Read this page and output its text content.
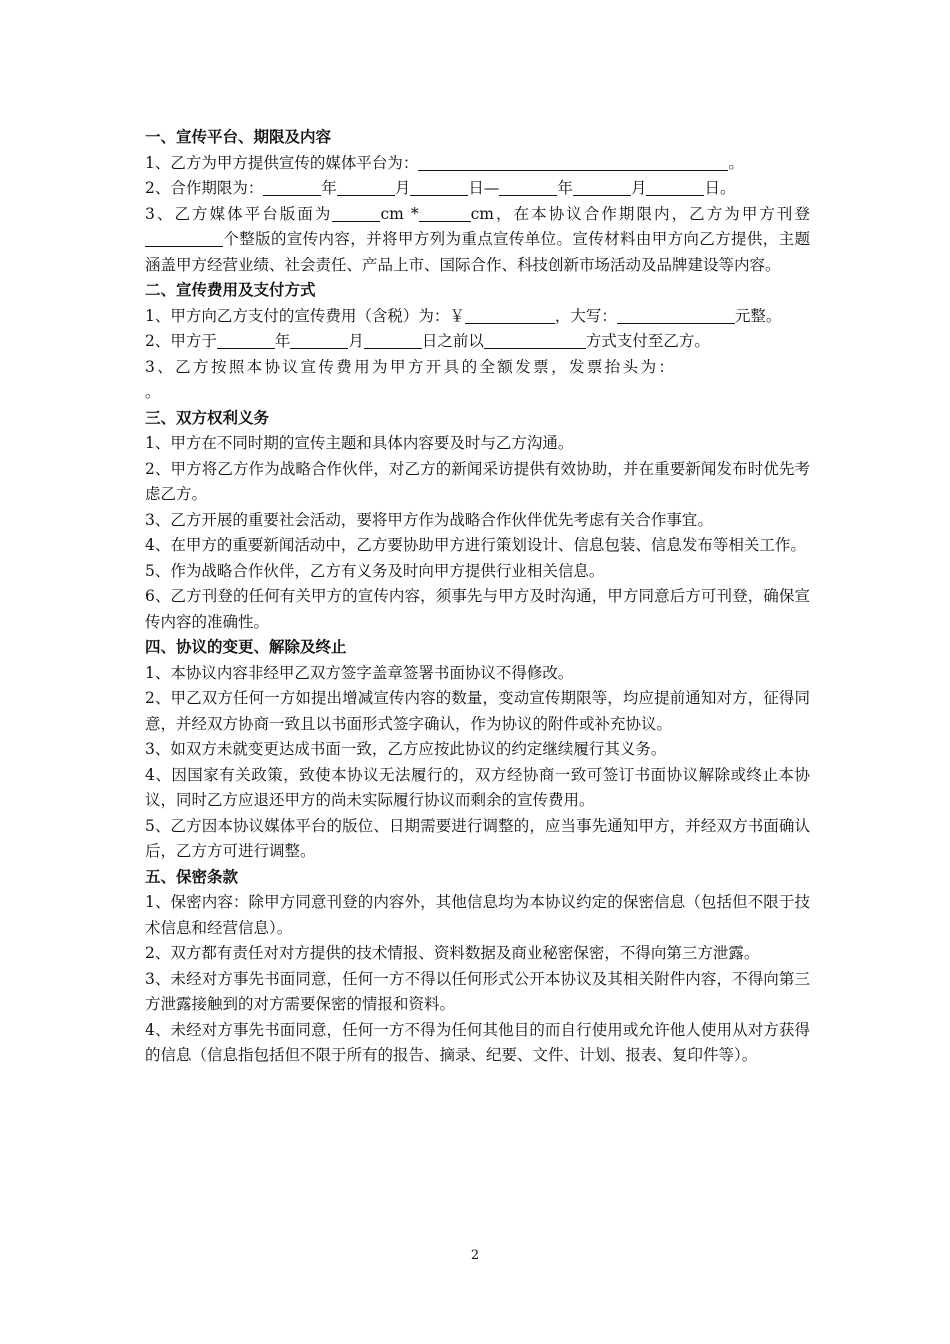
一、宣传平台、期限及内容
1、乙方为甲方提供宣传的媒体平台为：	。
2、合作期限为：	年	月	日—	年	月	日。
3、乙方媒体平台版面为	cm *	cm，在本协议合作期限内，乙方为甲方刊登个整版的宣传内容，并将甲方列为重点宣传单位。宣传材料由甲方向乙方提供，主题涵盖甲方经营业绩、社会责任、产品上市、国际合作、科技创新市场活动及品牌建设等内容。
二、宣传费用及支付方式
1、甲方向乙方支付的宣传费用（含税）为：￥	，大写：	元整。
2、甲方于	年	月	日之前以	方式支付至乙方。
3、乙方按照本协议宣传费用为甲方开具的全额发票，发票抬头为：
。
三、双方权利义务
1、甲方在不同时期的宣传主题和具体内容要及时与乙方沟通。
2、甲方将乙方作为战略合作伙伴，对乙方的新闻采访提供有效协助，并在重要新闻发布时优先考虑乙方。
3、乙方开展的重要社会活动，要将甲方作为战略合作伙伴优先考虑有关合作事宜。
4、在甲方的重要新闻活动中，乙方要协助甲方进行策划设计、信息包装、信息发布等相关工作。
5、作为战略合作伙伴，乙方有义务及时向甲方提供行业相关信息。
6、乙方刊登的任何有关甲方的宣传内容，须事先与甲方及时沟通，甲方同意后方可刊登，确保宣传内容的准确性。
四、协议的变更、解除及终止
1、本协议内容非经甲乙双方签字盖章签署书面协议不得修改。
2、甲乙双方任何一方如提出增减宣传内容的数量，变动宣传期限等，均应提前通知对方，征得同意，并经双方协商一致且以书面形式签字确认，作为协议的附件或补充协议。
3、如双方未就变更达成书面一致，乙方应按此协议的约定继续履行其义务。
4、因国家有关政策，致使本协议无法履行的，双方经协商一致可签订书面协议解除或终止本协议，同时乙方应退还甲方的尚未实际履行协议而剩余的宣传费用。
5、乙方因本协议媒体平台的版位、日期需要进行调整的，应当事先通知甲方，并经双方书面确认后，乙方方可进行调整。
五、保密条款
1、保密内容：除甲方同意刊登的内容外，其他信息均为本协议约定的保密信息（包括但不限于技术信息和经营信息）。
2、双方都有责任对对方提供的技术情报、资料数据及商业秘密保密，不得向第三方泄露。
3、未经对方事先书面同意，任何一方不得以任何形式公开本协议及其相关附件内容，不得向第三方泄露接触到的对方需要保密的情报和资料。
4、未经对方事先书面同意，任何一方不得为任何其他目的而自行使用或允许他人使用从对方获得的信息（信息指包括但不限于所有的报告、摘录、纪要、文件、计划、报表、复印件等）。
2
